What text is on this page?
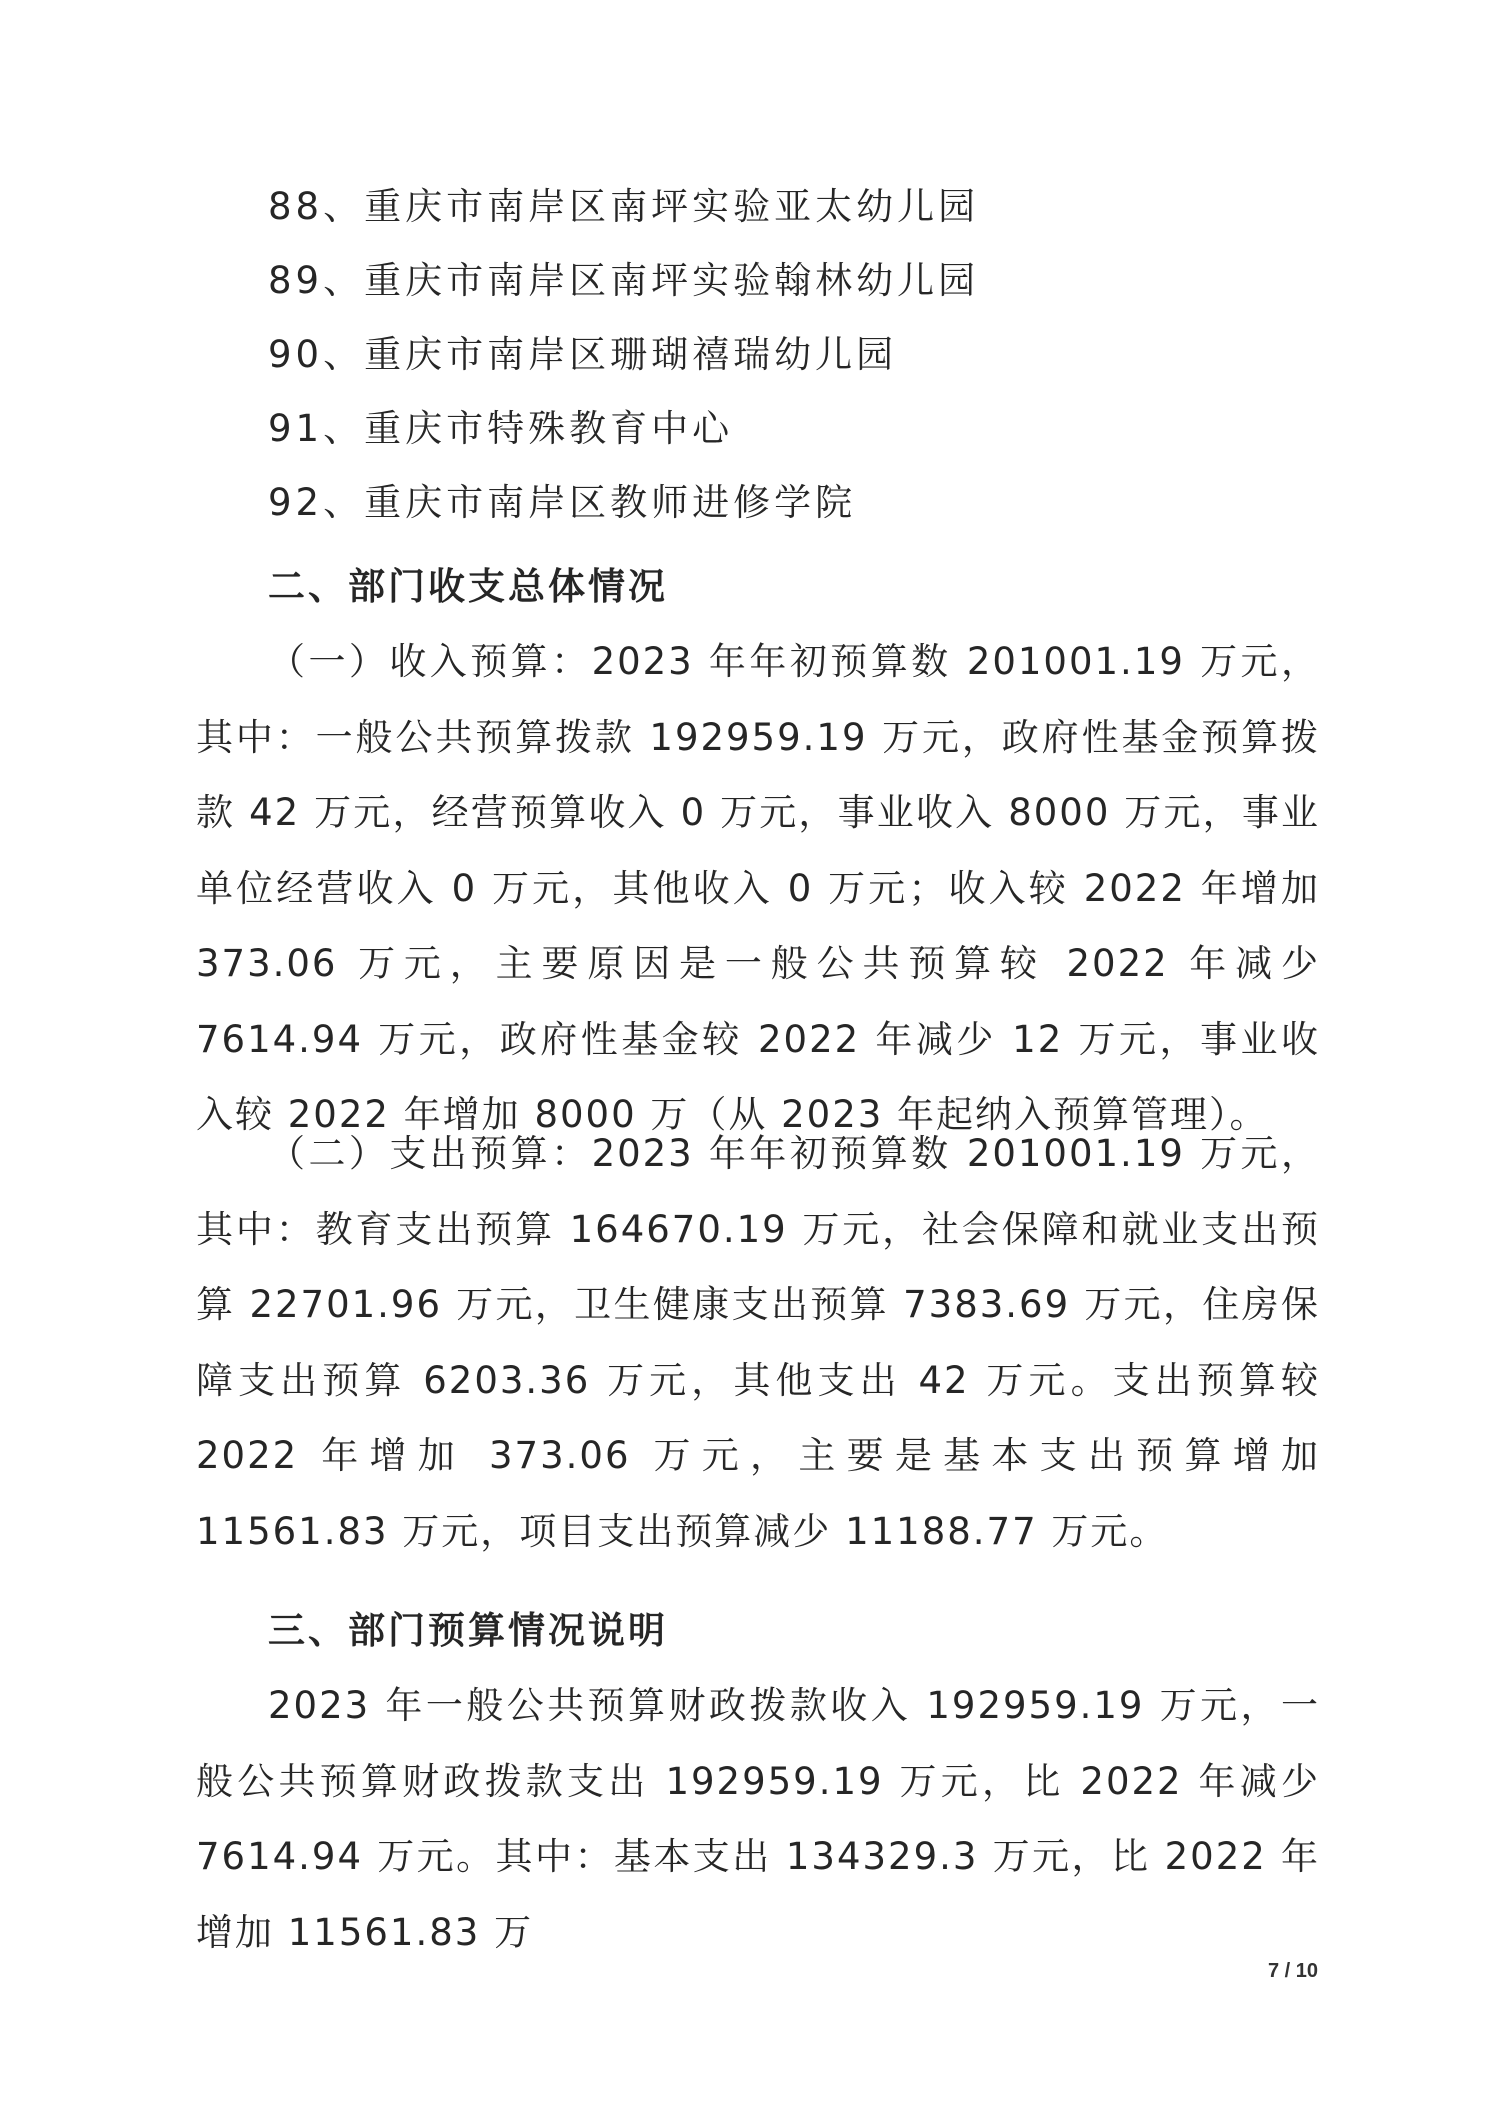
88、重庆市南岸区南坪实验亚太幼儿园
89、重庆市南岸区南坪实验翰林幼儿园
90、重庆市南岸区珊瑚禧瑞幼儿园
91、重庆市特殊教育中心
92、重庆市南岸区教师进修学院
二、部门收支总体情况

（一）收入预算：2023 年年初预算数 201001.19 万元，其中：一般公共预算拨款 192959.19 万元，政府性基金预算拨款 42 万元，经营预算收入 0 万元，事业收入 8000 万元，事业单位经营收入 0 万元，其他收入 0 万元；收入较 2022 年增加 373.06 万元，主要原因是一般公共预算较 2022 年减少 7614.94 万元，政府性基金较 2022 年减少 12 万元，事业收入较 2022 年增加 8000 万（从 2023 年起纳入预算管理）。

（二）支出预算：2023 年年初预算数 201001.19 万元，其中：教育支出预算 164670.19 万元，社会保障和就业支出预算 22701.96 万元，卫生健康支出预算 7383.69 万元，住房保障支出预算 6203.36 万元，其他支出 42 万元。支出预算较 2022 年增加 373.06 万元，主要是基本支出预算增加 11561.83 万元，项目支出预算减少 11188.77 万元。

三、部门预算情况说明

2023 年一般公共预算财政拨款收入 192959.19 万元，一般公共预算财政拨款支出 192959.19 万元，比 2022 年减少 7614.94 万元。其中：基本支出 134329.3 万元，比 2022 年增加 11561.83 万

7 / 10
